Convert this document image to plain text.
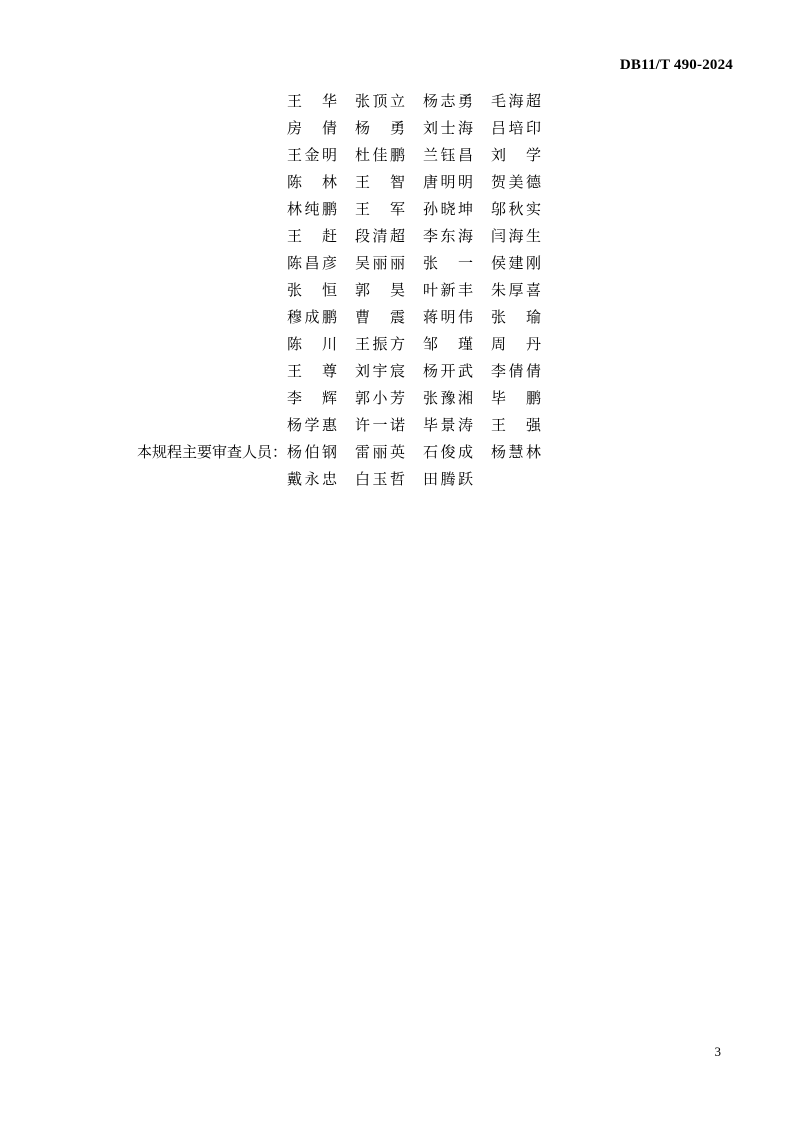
DB11/T 490-2024
王华	张顶立	杨志勇	毛海超
房倩	杨勇	刘士海	吕培印
王金明	杜佳鹏	兰钰昌	刘学
陈林	王智	唐明明	贺美德
林纯鹏	王军	孙晓坤	邬秋实
王赶	段清超	李东海	闫海生
陈昌彦	吴丽丽	张一	侯建刚
张恒	郭昊	叶新丰	朱厚喜
穆成鹏	曹震	蒋明伟	张瑜
陈川	王振方	邹瑾	周丹
王尊	刘宇宸	杨开武	李倩倩
李辉	郭小芳	张豫湘	毕鹏
杨学惠	许一诺	毕景涛	王强
本规程主要审查人员： 杨伯钢	雷丽英	石俊成	杨慧林
戴永忠	白玉哲	田腾跃
3
